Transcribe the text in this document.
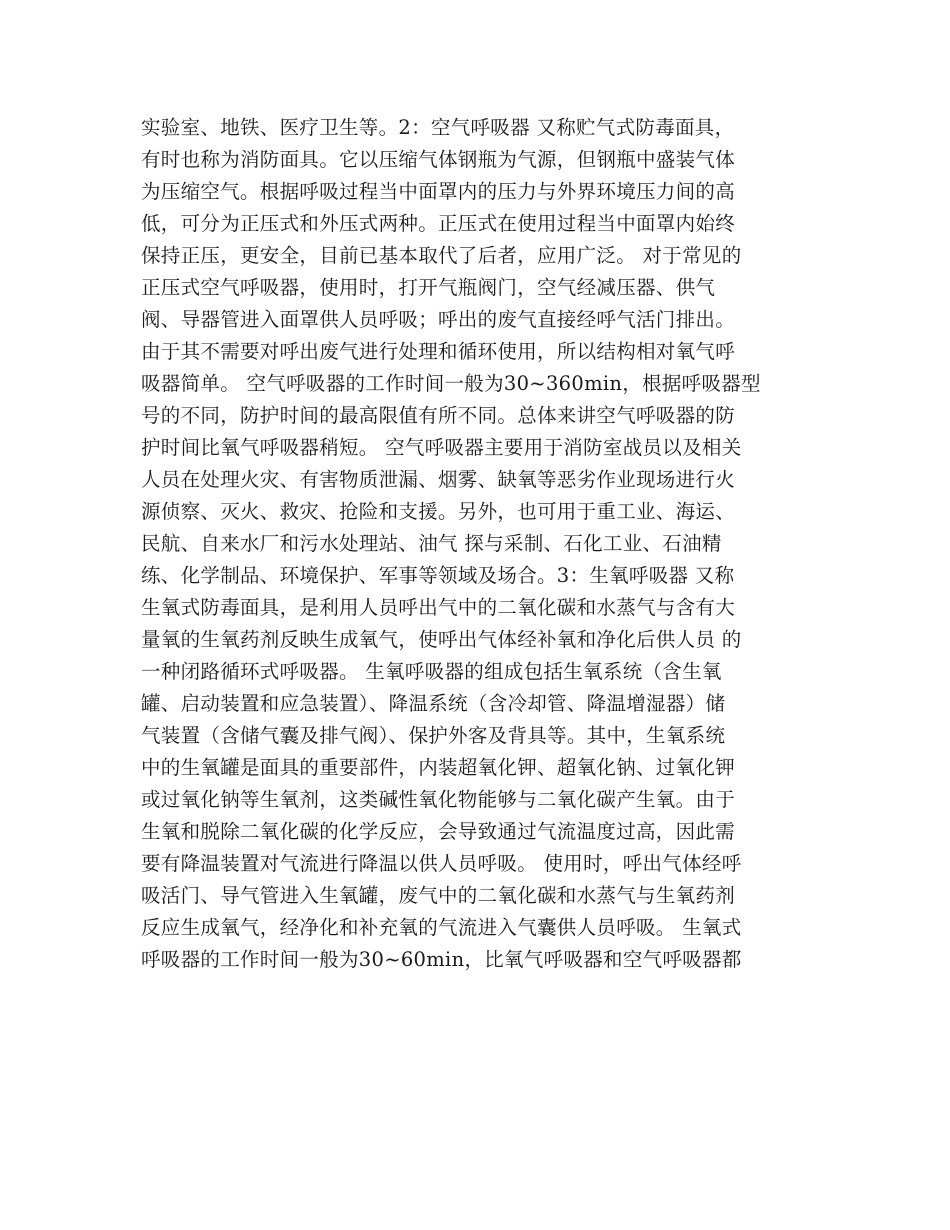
实验室、地铁、医疗卫生等。2：空气呼吸器 又称贮气式防毒面具，
有时也称为消防面具。它以压缩气体钢瓶为气源，但钢瓶中盛装气体
为压缩空气。根据呼吸过程当中面罩内的压力与外界环境压力间的高
低，可分为正压式和外压式两种。正压式在使用过程当中面罩内始终
保持正压，更安全，目前已基本取代了后者，应用广泛。 对于常见的
正压式空气呼吸器，使用时，打开气瓶阀门，空气经减压器、供气
阀、导器管进入面罩供人员呼吸；呼出的废气直接经呼气活门排出。
由于其不需要对呼出废气进行处理和循环使用，所以结构相对氧气呼
吸器简单。 空气呼吸器的工作时间一般为30~360min，根据呼吸器型
号的不同，防护时间的最高限值有所不同。总体来讲空气呼吸器的防
护时间比氧气呼吸器稍短。 空气呼吸器主要用于消防室战员以及相关
人员在处理火灾、有害物质泄漏、烟雾、缺氧等恶劣作业现场进行火
源侦察、灭火、救灾、抢险和支援。另外，也可用于重工业、海运、
民航、自来水厂和污水处理站、油气 探与采制、石化工业、石油精
练、化学制品、环境保护、军事等领域及场合。3：生氧呼吸器 又称
生氧式防毒面具，是利用人员呼出气中的二氧化碳和水蒸气与含有大
量氧的生氧药剂反映生成氧气，使呼出气体经补氧和净化后供人员 的
一种闭路循环式呼吸器。 生氧呼吸器的组成包括生氧系统（含生氧
罐、启动装置和应急装置）、降温系统（含冷却管、降温增湿器）储
气装置（含储气囊及排气阀）、保护外客及背具等。其中，生氧系统
中的生氧罐是面具的重要部件，内装超氧化钾、超氧化钠、过氧化钾
或过氧化钠等生氧剂，这类碱性氧化物能够与二氧化碳产生氧。由于
生氧和脱除二氧化碳的化学反应，会导致通过气流温度过高，因此需
要有降温装置对气流进行降温以供人员呼吸。 使用时，呼出气体经呼
吸活门、导气管进入生氧罐，废气中的二氧化碳和水蒸气与生氧药剂
反应生成氧气，经净化和补充氧的气流进入气囊供人员呼吸。 生氧式
呼吸器的工作时间一般为30~60min，比氧气呼吸器和空气呼吸器都
